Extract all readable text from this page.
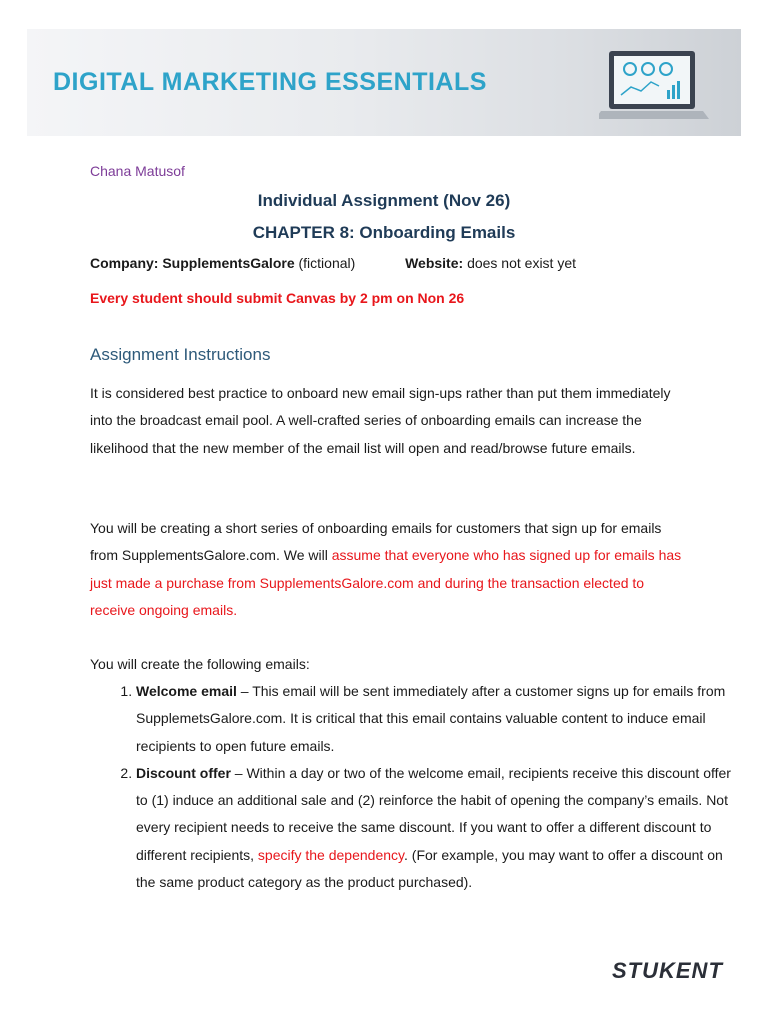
DIGITAL MARKETING ESSENTIALS
Chana Matusof
Individual Assignment (Nov 26)
CHAPTER 8: Onboarding Emails
Company: SupplementsGalore (fictional)	Website: does not exist yet
Every student should submit Canvas by 2 pm on Non 26
Assignment Instructions

It is considered best practice to onboard new email sign-ups rather than put them immediately into the broadcast email pool. A well-crafted series of onboarding emails can increase the likelihood that the new member of the email list will open and read/browse future emails.

You will be creating a short series of onboarding emails for customers that sign up for emails from SupplementsGalore.com. We will assume that everyone who has signed up for emails has just made a purchase from SupplementsGalore.com and during the transaction elected to receive ongoing emails.

You will create the following emails:

1. Welcome email – This email will be sent immediately after a customer signs up for emails from SupplemetsGalore.com. It is critical that this email contains valuable content to induce email recipients to open future emails.
2. Discount offer – Within a day or two of the welcome email, recipients receive this discount offer to (1) induce an additional sale and (2) reinforce the habit of opening the company’s emails. Not every recipient needs to receive the same discount. If you want to offer a different discount to different recipients, specify the dependency. (For example, you may want to offer a discount on the same product category as the product purchased).
STUKENT
